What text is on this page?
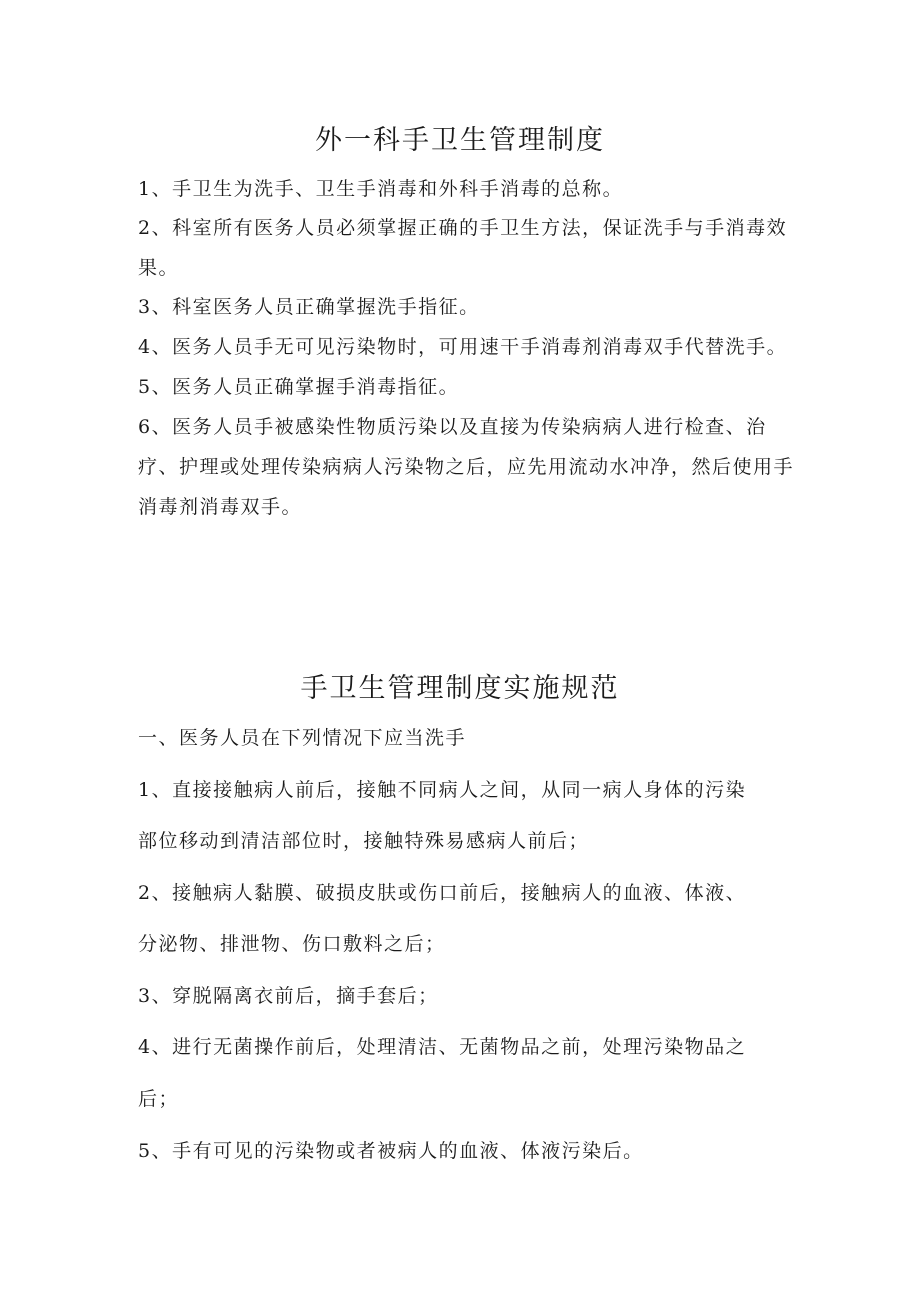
外一科手卫生管理制度

1、手卫生为洗手、卫生手消毒和外科手消毒的总称。

2、科室所有医务人员必须掌握正确的手卫生方法，保证洗手与手消毒效

果。

3、科室医务人员正确掌握洗手指征。

4、医务人员手无可见污染物时，可用速干手消毒剂消毒双手代替洗手。

5、医务人员正确掌握手消毒指征。

6、医务人员手被感染性物质污染以及直接为传染病病人进行检查、治

疗、护理或处理传染病病人污染物之后，应先用流动水冲净，然后使用手

消毒剂消毒双手。

手卫生管理制度实施规范

一、医务人员在下列情况下应当洗手

1、直接接触病人前后，接触不同病人之间，从同一病人身体的污染

部位移动到清洁部位时，接触特殊易感病人前后；

2、接触病人黏膜、破损皮肤或伤口前后，接触病人的血液、体液、

分泌物、排泄物、伤口敷料之后；

3、穿脱隔离衣前后，摘手套后；

4、进行无菌操作前后，处理清洁、无菌物品之前，处理污染物品之

后；

5、手有可见的污染物或者被病人的血液、体液污染后。
